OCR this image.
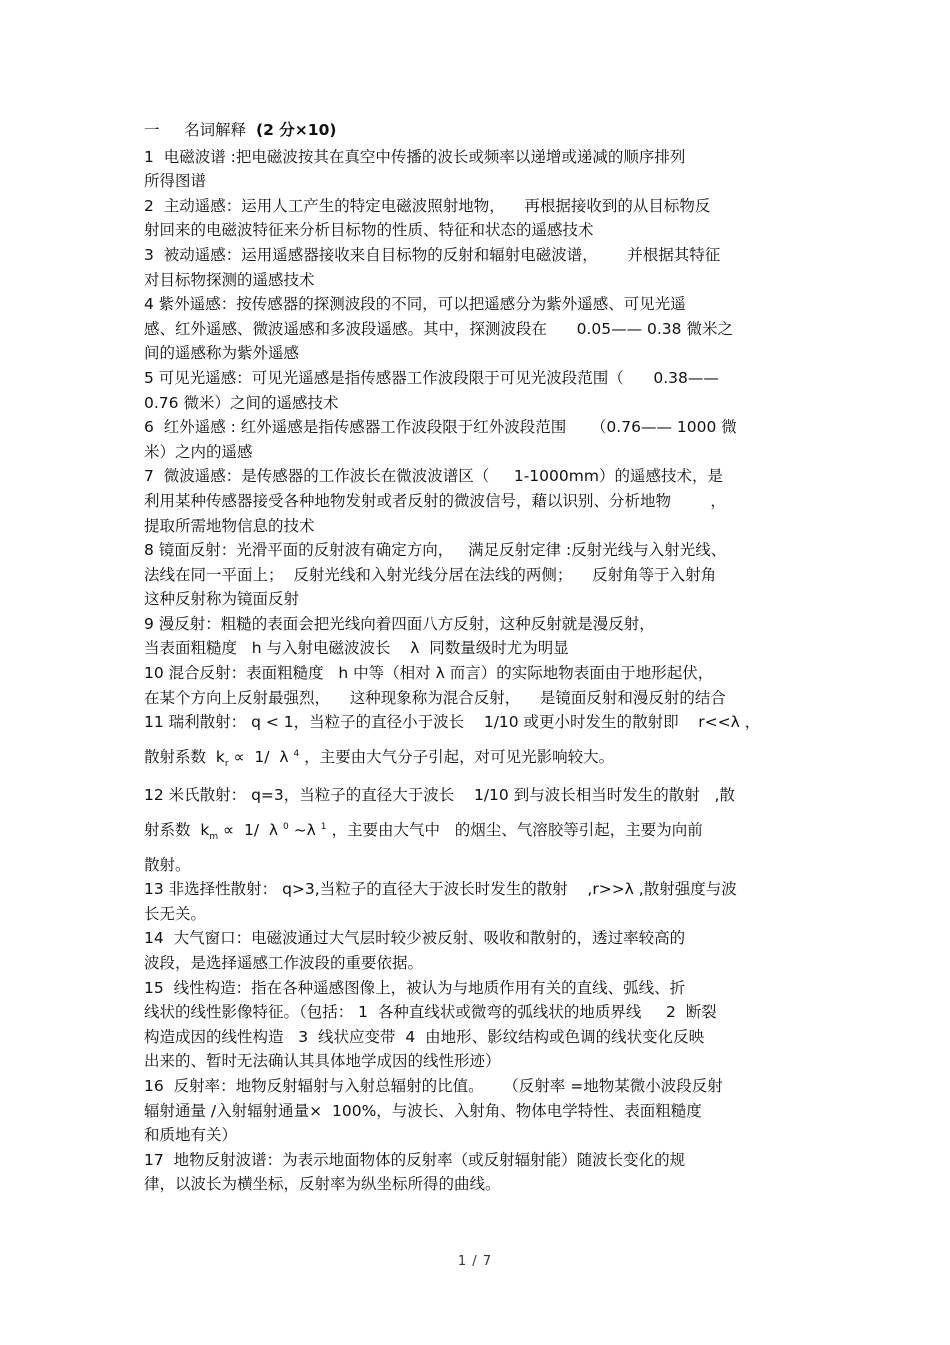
一 名词解释 (2 分×10)
1  电磁波谱 :把电磁波按其在真空中传播的波长或频率以递增或递减的顺序排列
所得图谱
2  主动遥感：运用人工产生的特定电磁波照射地物，    再根据接收到的从目标物反
射回来的电磁波特征来分析目标物的性质、特征和状态的遥感技术
3  被动遥感：运用遥感器接收来自目标物的反射和辐射电磁波谱，      并根据其特征
对目标物探测的遥感技术
4 紫外遥感：按传感器的探测波段的不同，可以把遥感分为紫外遥感、可见光遥
感、红外遥感、微波遥感和多波段遥感。其中，探测波段在      0.05—— 0.38 微米之
间的遥感称为紫外遥感
5 可见光遥感：可见光遥感是指传感器工作波段限于可见光波段范围（      0.38——
0.76 微米）之间的遥感技术
6  红外遥感 : 红外遥感是指传感器工作波段限于红外波段范围     （0.76—— 1000 微
米）之内的遥感
7  微波遥感：是传感器的工作波长在微波波谱区（     1-1000mm）的遥感技术，是
利用某种传感器接受各种地物发射或者反射的微波信号，藉以识别、分析地物        ，
提取所需地物信息的技术
8 镜面反射：光滑平面的反射波有确定方向，   满足反射定律 :反射光线与入射光线、
法线在同一平面上；  反射光线和入射光线分居在法线的两侧；    反射角等于入射角
这种反射称为镜面反射
9 漫反射：粗糙的表面会把光线向着四面八方反射，这种反射就是漫反射，
当表面粗糙度   h 与入射电磁波波长    λ  同数量级时尤为明显
10 混合反射：表面粗糙度   h 中等（相对 λ 而言）的实际地物表面由于地形起伏，
在某个方向上反射最强烈，    这种现象称为混合反射，    是镜面反射和漫反射的结合
11 瑞利散射： q < 1，当粒子的直径小于波长    1/10 或更小时发生的散射即    r<<λ ，
散射系数  $k_r \propto 1/$  λ $^4$ ，主要由大气分子引起，对可见光影响较大。
12 米氏散射： q=3，当粒子的直径大于波长    1/10 到与波长相当时发生的散射   ,散
射系数  $k_m \propto 1/$  λ $^0$ ~λ $^1$ ，主要由大气中   的烟尘、气溶胶等引起，主要为向前
散射。
13 非选择性散射： q>3,当粒子的直径大于波长时发生的散射    ,r>>λ ,散射强度与波
长无关。
14  大气窗口：电磁波通过大气层时较少被反射、吸收和散射的，透过率较高的
波段，是选择遥感工作波段的重要依据。
15  线性构造：指在各种遥感图像上，被认为与地质作用有关的直线、弧线、折
线状的线性影像特征。（包括： 1  各种直线状或微弯的弧线状的地质界线     2  断裂
构造成因的线性构造   3  线状应变带  4  由地形、影纹结构或色调的线状变化反映
出来的、暂时无法确认其具体地学成因的线性形迹）
16  反射率：地物反射辐射与入射总辐射的比值。    （反射率 =地物某微小波段反射
辐射通量 /入射辐射通量×  100%，与波长、入射角、物体电学特性、表面粗糙度
和质地有关）
17  地物反射波谱：为表示地面物体的反射率（或反射辐射能）随波长变化的规
律，以波长为横坐标，反射率为纵坐标所得的曲线。
1 / 7
